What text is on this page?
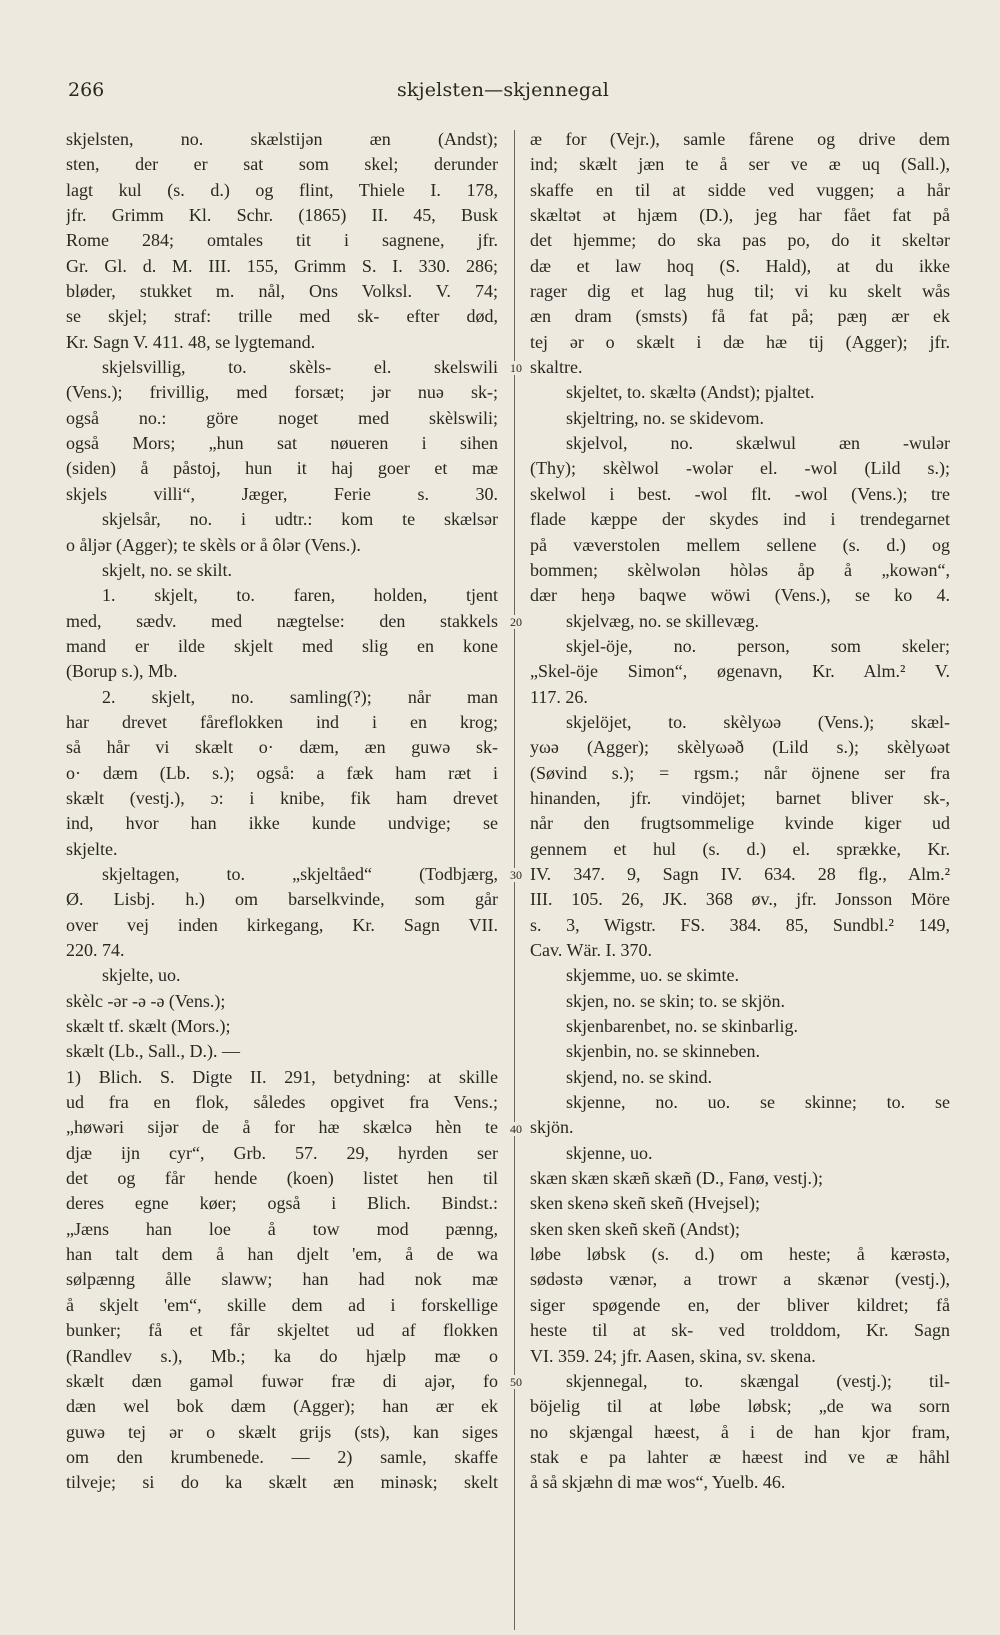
266	skjelsten—skjennegal
skjelsten, no. skælstijən æn (Andst);
sten, der er sat som skel; derunder
lagt kul (s. d.) og flint, Thiele I. 178,
jfr. Grimm Kl. Schr. (1865) II. 45, Busk
Rome 284; omtales tit i sagnene, jfr.
Gr. Gl. d. M. III. 155, Grimm S. I. 330. 286;
bløder, stukket m. nål, Ons Volksl. V. 74;
se skjel; straf: trille med sk- efter død,
Kr. Sagn V. 411. 48, se lygtemand.
skjelsvillig, to. skèls- el. skelswili
(Vens.); frivillig, med forsæt; jər nuə sk-;
også no.: göre noget med skèlswili;
også Mors; „hun sat nøueren i sihen
(siden) å påstoj, hun it haj goer et mæ
skjels villi“, Jæger, Ferie s. 30.
skjelsår, no. i udtr.: kom te skælsər
o åljər (Agger); te skèls or å ôlər (Vens.).
skjelt, no. se skilt.
1. skjelt, to. faren, holden, tjent
med, sædv. med nægtelse: den stakkels
mand er ilde skjelt med slig en kone
(Borup s.), Mb.
2. skjelt, no. samling(?); når man
har drevet fåreflokken ind i en krog;
så hår vi skælt o· dæm, æn guwə sk-
o· dæm (Lb. s.); også: a fæk ham ræt i
skælt (vestj.), ɔ: i knibe, fik ham drevet
ind, hvor han ikke kunde undvige; se
skjelte.
skjeltagen, to. „skjeltåed“ (Todbjærg,
Ø. Lisbj. h.) om barselkvinde, som går
over vej inden kirkegang, Kr. Sagn VII.
220. 74.
skjelte, uo.
skèlc -ər -ə -ə (Vens.);
skælt tf. skælt (Mors.);
skælt (Lb., Sall., D.). —
1) Blich. S. Digte II. 291, betydning: at skille
ud fra en flok, således opgivet fra Vens.;
„høwəri sijər de å for hæ skælcə hèn te
djæ ijn cyr“, Grb. 57. 29, hyrden ser
det og får hende (koen) listet hen til
deres egne køer; også i Blich. Bindst.:
„Jæns han loe å tow mod pænng,
han talt dem å han djelt 'em, å de wa
sølpænng ålle slaww; han had nok mæ
å skjelt 'em“, skille dem ad i forskellige
bunker; få et får skjeltet ud af flokken
(Randlev s.), Mb.; ka do hjælp mæ o
skælt dæn gaməl fuwər fræ di ajər, fo
dæn wel bok dæm (Agger); han ær ek
guwə tej ər o skælt grijs (sts), kan siges
om den krumbenede. — 2) samle, skaffe
tilveje; si do ka skælt æn minəsk; skelt
10
20
30
40
50
æ for (Vejr.), samle fårene og drive dem
ind; skælt jæn te å ser ve æ uq (Sall.),
skaffe en til at sidde ved vuggen; a hår
skæltət ət hjæm (D.), jeg har fået fat på
det hjemme; do ska pas po, do it skeltər
dæ et law hoq (S. Hald), at du ikke
rager dig et lag hug til; vi ku skelt wås
æn dram (smsts) få fat på; pæŋ ær ek
tej ər o skælt i dæ hæ tij (Agger); jfr.
skaltre.
skjeltet, to. skæltə (Andst); pjaltet.
skjeltring, no. se skidevom.
skjelvol, no. skælwul æn -wulər
(Thy); skèlwol -wolər el. -wol (Lild s.);
skelwol i best. -wol flt. -wol (Vens.); tre
flade kæppe der skydes ind i trendegarnet
på væverstolen mellem sellene (s. d.) og
bommen; skèlwolən hòləs åp å „kowən“,
dær heŋə baqwe wöwi (Vens.), se ko 4.
skjelvæg, no. se skillevæg.
skjel-öje, no. person, som skeler;
„Skel-öje Simon“, øgenavn, Kr. Alm.² V.
117. 26.
skjelöjet, to. skèlyωə (Vens.); skæl-
yωə (Agger); skèlyωəð (Lild s.); skèlyωət
(Søvind s.); = rgsm.; når öjnene ser fra
hinanden, jfr. vindöjet; barnet bliver sk-,
når den frugtsommelige kvinde kiger ud
gennem et hul (s. d.) el. sprække, Kr.
IV. 347. 9, Sagn IV. 634. 28 flg., Alm.²
III. 105. 26, JK. 368 øv., jfr. Jonsson Möre
s. 3, Wigstr. FS. 384. 85, Sundbl.² 149,
Cav. Wär. I. 370.
skjemme, uo. se skimte.
skjen, no. se skin; to. se skjön.
skjenbarenbet, no. se skinbarlig.
skjenbin, no. se skinneben.
skjend, no. se skind.
skjenne, no. uo. se skinne; to. se
skjön.
skjenne, uo.
skæn skæn skæñ skæñ (D., Fanø, vestj.);
sken skenə skeñ skeñ (Hvejsel);
sken sken skeñ skeñ (Andst);
løbe løbsk (s. d.) om heste; å kærəstə,
sødəstə vænər, a trowr a skænər (vestj.),
siger spøgende en, der bliver kildret; få
heste til at sk- ved trolddom, Kr. Sagn
VI. 359. 24; jfr. Aasen, skina, sv. skena.
skjennegal, to. skængal (vestj.); til-
böjelig til at løbe løbsk; „de wa sorn
no skjængal hæest, å i de han kjor fram,
stak e pa lahter æ hæest ind ve æ håhl
å så skjæhn di mæ wos“, Yuelb. 46.
